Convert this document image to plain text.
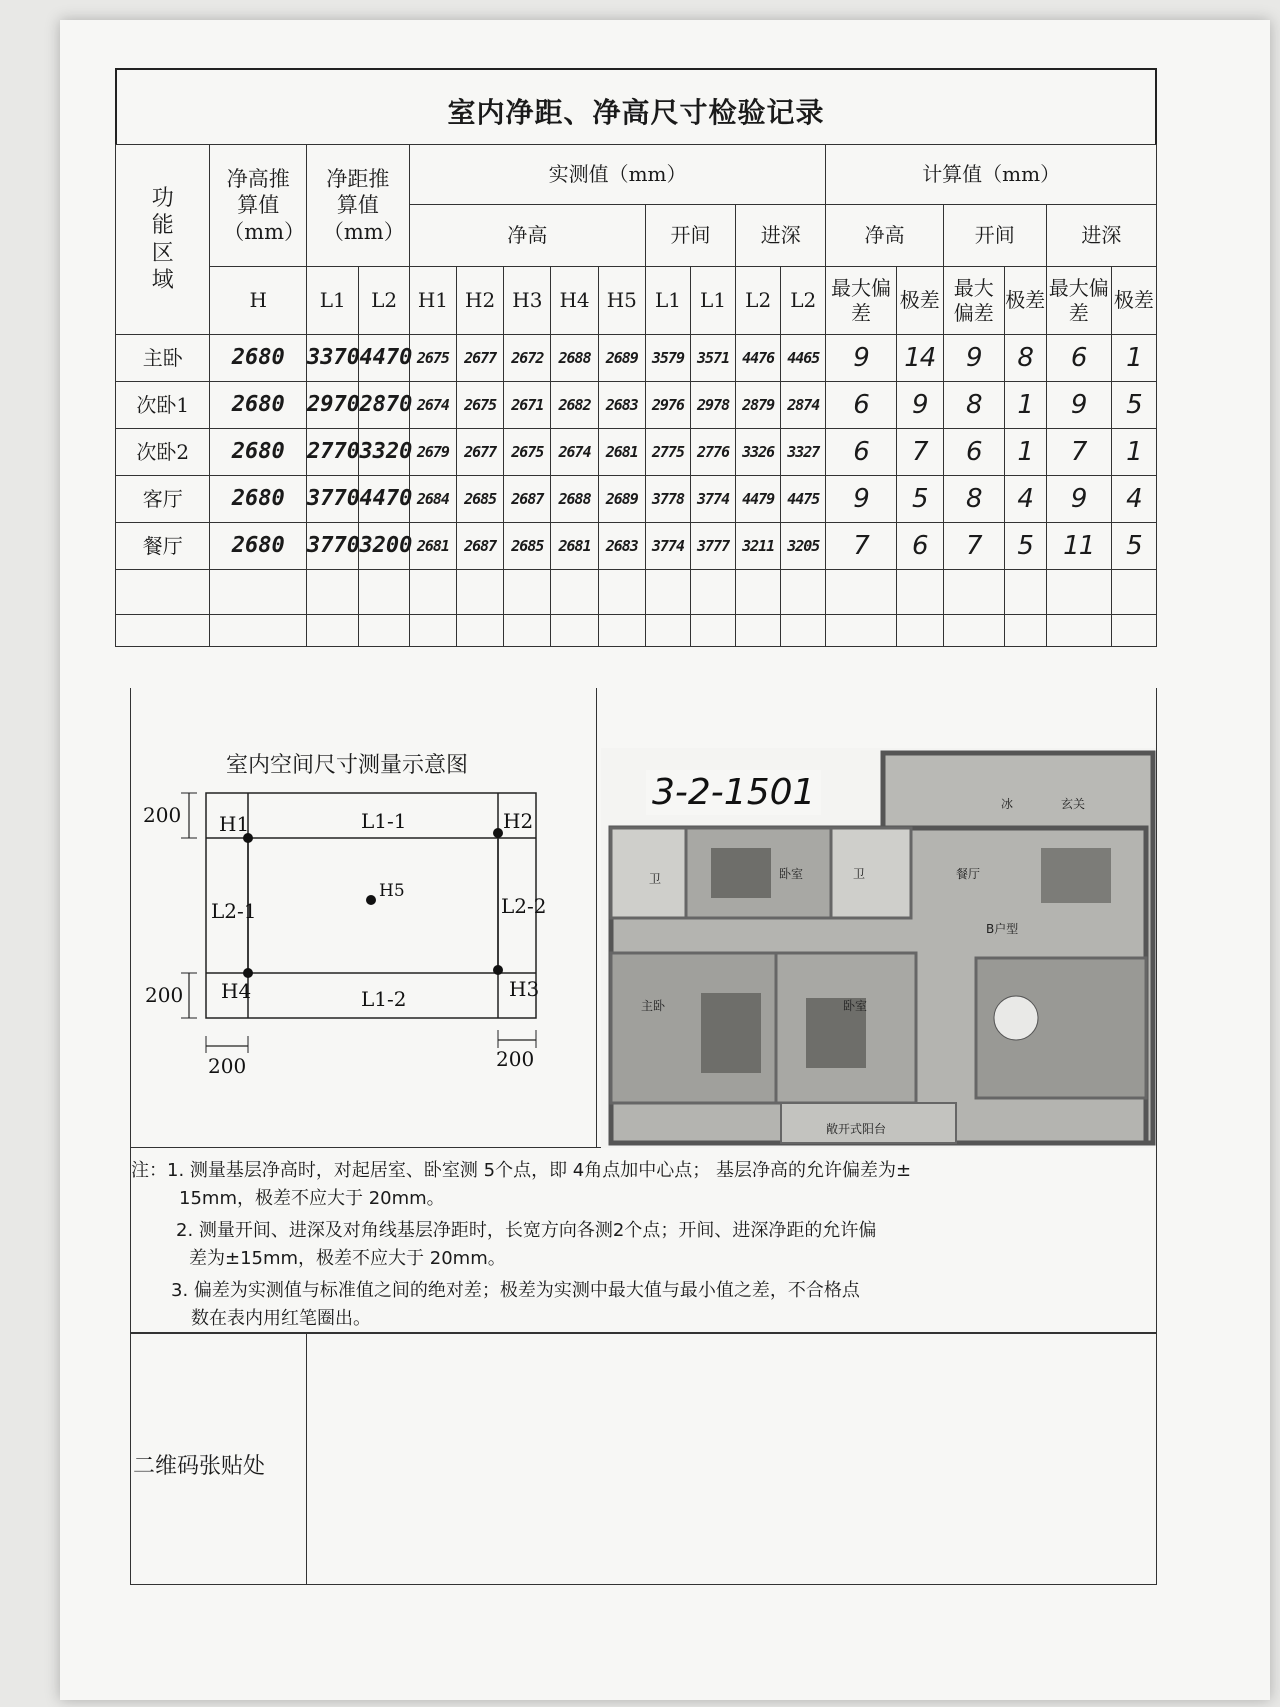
室内净距、净高尺寸检验记录
功能区域	净高推算值（mm）	净距推算值（mm）		实测值（mm）									计算值（mm）					
				净高					开间		进深		净高		开间		进深	
	H	L1	L2	H1	H2	H3	H4	H5	L1	L1	L2	L2	最大偏差	极差	最大偏差	极差	最大偏差	极差
主卧	2680	3370	4470	2675	2677	2672	2688	2689	3579	3571	4476	4465	9	14	9	8	6	1
次卧1	2680	2970	2870	2674	2675	2671	2682	2683	2976	2978	2879	2874	6	9	8	1	9	5
次卧2	2680	2770	3320	2679	2677	2675	2674	2681	2775	2776	3326	3327	6	7	6	1	7	1
客厅	2680	3770	4470	2684	2685	2687	2688	2689	3778	3774	4479	4475	9	5	8	4	9	4
餐厅	2680	3770	3200	2681	2687	2685	2681	2683	3774	3777	3211	3205	7	6	7	5	11	5

室内空间尺寸测量示意图
H1	H2
H4	H3
H5
L1-1
L1-2
L2-1	L2-2
200
200
200	200
卫	卫
卧室
冰	玄关
餐厅
B户型
主卧	卧室
敞开式阳台
3-2-1501

注：1. 测量基层净高时，对起居室、卧室测 5个点，即 4角点加中心点； 基层净高的允许偏差为±

15mm，极差不应大于 20mm。

2. 测量开间、进深及对角线基层净距时，长宽方向各测2个点；开间、进深净距的允许偏

差为±15mm，极差不应大于 20mm。

3. 偏差为实测值与标准值之间的绝对差；极差为实测中最大值与最小值之差，不合格点

数在表内用红笔圈出。

二维码张贴处
